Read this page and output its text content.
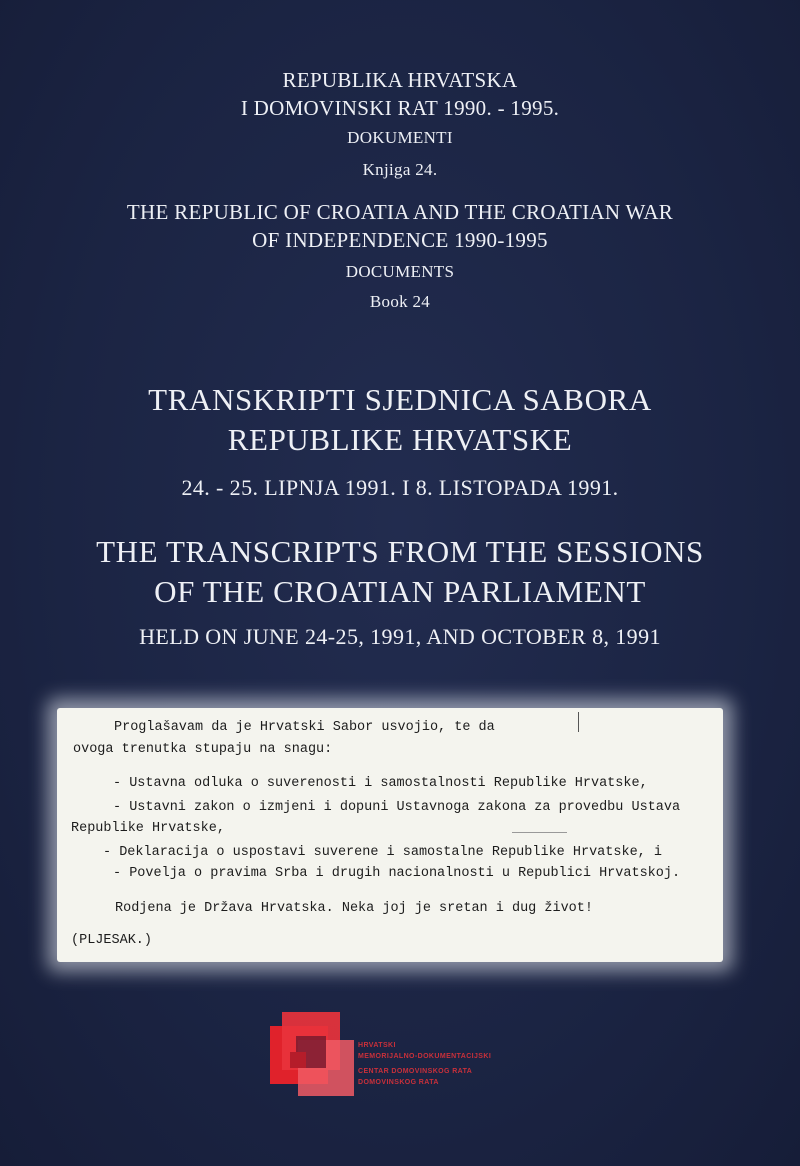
REPUBLIKA HRVATSKA
I DOMOVINSKI RAT 1990. - 1995.
DOKUMENTI
Knjiga 24.
THE REPUBLIC OF CROATIA AND THE CROATIAN WAR
OF INDEPENDENCE 1990-1995
DOCUMENTS
Book 24
TRANSKRIPTI SJEDNICA SABORA
REPUBLIKE HRVATSKE
24. - 25. LIPNJA 1991. I 8. LISTOPADA 1991.
THE TRANSCRIPTS FROM THE SESSIONS
OF THE CROATIAN PARLIAMENT
HELD ON JUNE 24-25, 1991, AND OCTOBER 8, 1991
Proglašavam da je Hrvatski Sabor usvojio, te da
ovoga trenutka stupaju na snagu:
- Ustavna odluka o suverenosti i samostalnosti Republike Hrvatske,
- Ustavni zakon o izmjeni i dopuni Ustavnoga zakona za provedbu Ustava
Republike Hrvatske,
- Deklaracija o uspostavi suverene i samostalne Republike Hrvatske, i
- Povelja o pravima Srba i drugih nacionalnosti u Republici Hrvatskoj.
Rodjena je Država Hrvatska. Neka joj je sretan i dug život!
(PLJESAK.)
HRVATSKI
MEMORIJALNO-DOKUMENTACIJSKI
CENTAR DOMOVINSKOG RATA
DOMOVINSKOG RATA
